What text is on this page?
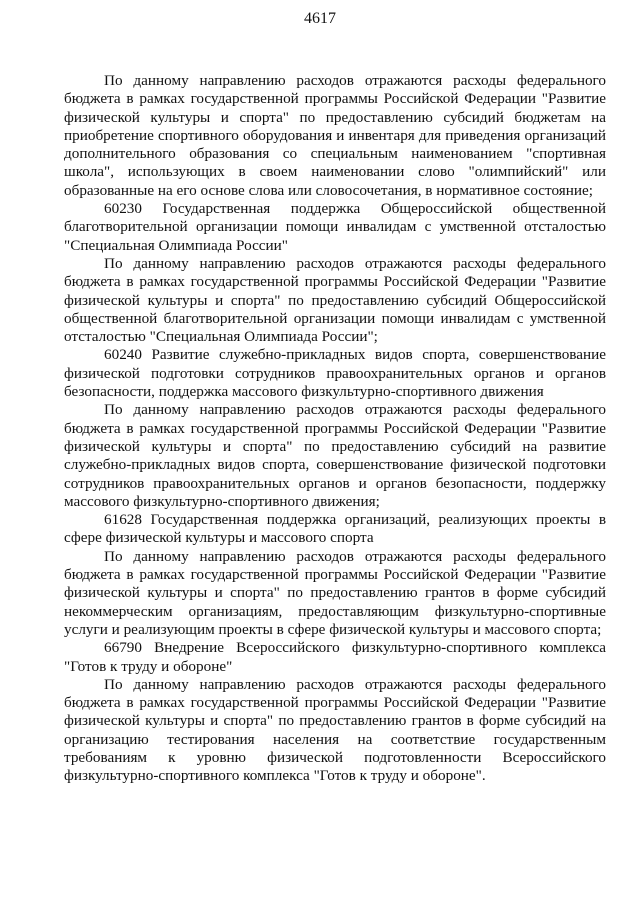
4617

По данному направлению расходов отражаются расходы федерального бюджета в рамках государственной программы Российской Федерации "Развитие физической культуры и спорта" по предоставлению субсидий бюджетам на приобретение спортивного оборудования и инвентаря для приведения организаций дополнительного образования со специальным наименованием "спортивная школа", использующих в своем наименовании слово "олимпийский" или образованные на его основе слова или словосочетания, в нормативное состояние;

60230 Государственная поддержка Общероссийской общественной благотворительной организации помощи инвалидам с умственной отсталостью "Специальная Олимпиада России"

По данному направлению расходов отражаются расходы федерального бюджета в рамках государственной программы Российской Федерации "Развитие физической культуры и спорта" по предоставлению субсидий Общероссийской общественной благотворительной организации помощи инвалидам с умственной отсталостью "Специальная Олимпиада России";

60240 Развитие служебно-прикладных видов спорта, совершенствование физической подготовки сотрудников правоохранительных органов и органов безопасности, поддержка массового физкультурно-спортивного движения

По данному направлению расходов отражаются расходы федерального бюджета в рамках государственной программы Российской Федерации "Развитие физической культуры и спорта" по предоставлению субсидий на развитие служебно-прикладных видов спорта, совершенствование физической подготовки сотрудников правоохранительных органов и органов безопасности, поддержку массового физкультурно-спортивного движения;

61628 Государственная поддержка организаций, реализующих проекты в сфере физической культуры и массового спорта

По данному направлению расходов отражаются расходы федерального бюджета в рамках государственной программы Российской Федерации "Развитие физической культуры и спорта" по предоставлению грантов в форме субсидий некоммерческим организациям, предоставляющим физкультурно-спортивные услуги и реализующим проекты в сфере физической культуры и массового спорта;

66790 Внедрение Всероссийского физкультурно-спортивного комплекса "Готов к труду и обороне"

По данному направлению расходов отражаются расходы федерального бюджета в рамках государственной программы Российской Федерации "Развитие физической культуры и спорта" по предоставлению грантов в форме субсидий на организацию тестирования населения на соответствие государственным требованиям к уровню физической подготовленности Всероссийского физкультурно-спортивного комплекса "Готов к труду и обороне".
